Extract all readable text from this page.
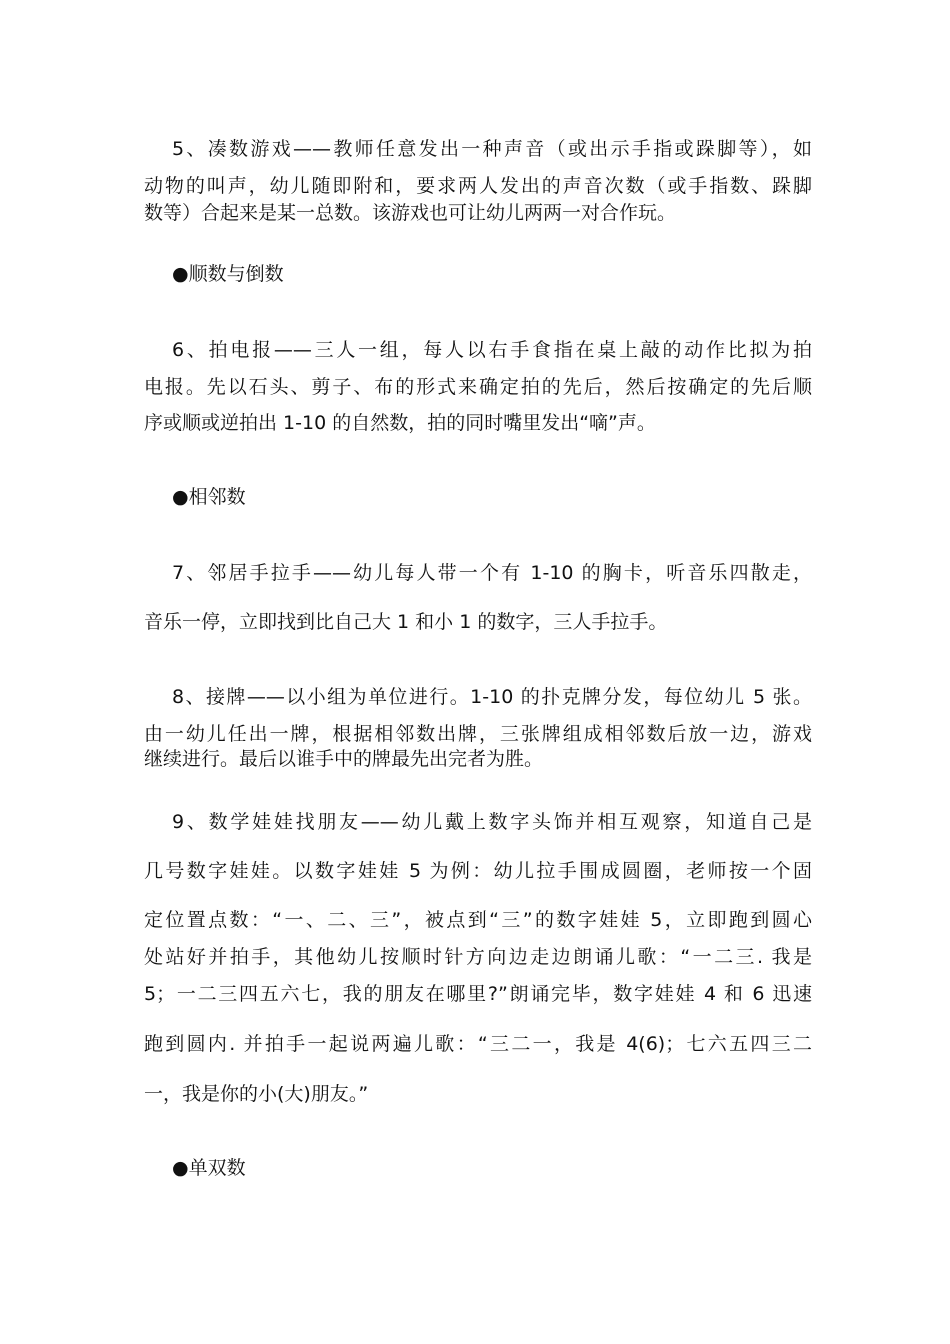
5、凑数游戏——教师任意发出一种声音（或出示手指或跺脚等），如
动物的叫声，幼儿随即附和，要求两人发出的声音次数（或手指数、跺脚
数等）合起来是某一总数。该游戏也可让幼儿两两一对合作玩。
●顺数与倒数
6、拍电报——三人一组，每人以右手食指在桌上敲的动作比拟为拍
电报。先以石头、剪子、布的形式来确定拍的先后，然后按确定的先后顺
序或顺或逆拍出 1-10 的自然数，拍的同时嘴里发出“嘀”声。
●相邻数
7、邻居手拉手——幼儿每人带一个有 1-10 的胸卡，听音乐四散走，
音乐一停，立即找到比自己大 1 和小 1 的数字，三人手拉手。
8、接牌——以小组为单位进行。1-10 的扑克牌分发，每位幼儿 5 张。
由一幼儿任出一牌，根据相邻数出牌，三张牌组成相邻数后放一边，游戏
继续进行。最后以谁手中的牌最先出完者为胜。
9、数学娃娃找朋友——幼儿戴上数字头饰并相互观察，知道自己是
几号数字娃娃。以数字娃娃 5 为例：幼儿拉手围成圆圈，老师按一个固
定位置点数：“一、二、三”，被点到“三”的数字娃娃 5，立即跑到圆心
处站好并拍手，其他幼儿按顺时针方向边走边朗诵儿歌：“一二三. 我是
5；一二三四五六七，我的朋友在哪里?”朗诵完毕，数字娃娃 4 和 6 迅速
跑到圆内. 并拍手一起说两遍儿歌：“三二一，我是 4(6)；七六五四三二
一，我是你的小(大)朋友。”
●单双数
